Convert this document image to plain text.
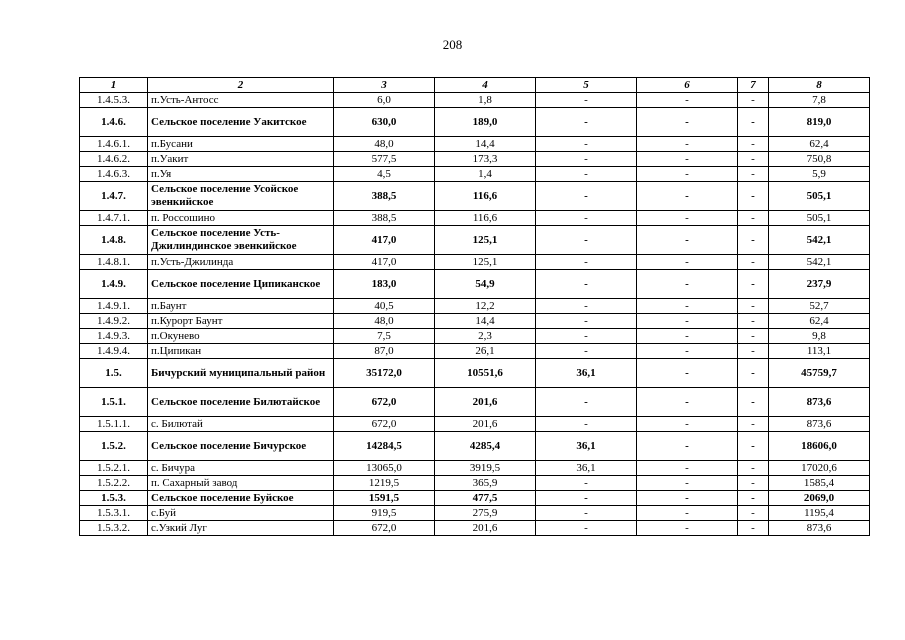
208
1	2	3	4	5	6	7	8
1.4.5.3.	п.Усть-Антосс	6,0	1,8	-	-	-	7,8
1.4.6.	Сельское поселение Уакитское	630,0	189,0	-	-	-	819,0
1.4.6.1.	п.Бусани	48,0	14,4	-	-	-	62,4
1.4.6.2.	п.Уакит	577,5	173,3	-	-	-	750,8
1.4.6.3.	п.Уя	4,5	1,4	-	-	-	5,9
1.4.7.	Сельское поселение Усойское эвенкийское	388,5	116,6	-	-	-	505,1
1.4.7.1.	п. Россошино	388,5	116,6	-	-	-	505,1
1.4.8.	Сельское поселение Усть-Джилиндинское эвенкийское	417,0	125,1	-	-	-	542,1
1.4.8.1.	п.Усть-Джилинда	417,0	125,1	-	-	-	542,1
1.4.9.	Сельское поселение Ципиканское	183,0	54,9	-	-	-	237,9
1.4.9.1.	п.Баунт	40,5	12,2	-	-	-	52,7
1.4.9.2.	п.Курорт Баунт	48,0	14,4	-	-	-	62,4
1.4.9.3.	п.Окунево	7,5	2,3	-	-	-	9,8
1.4.9.4.	п.Ципикан	87,0	26,1	-	-	-	113,1
1.5.	Бичурский муниципальный район	35172,0	10551,6	36,1	-	-	45759,7
1.5.1.	Сельское поселение Билютайское	672,0	201,6	-	-	-	873,6
1.5.1.1.	с. Билютай	672,0	201,6	-	-	-	873,6
1.5.2.	Сельское поселение Бичурское	14284,5	4285,4	36,1	-	-	18606,0
1.5.2.1.	с. Бичура	13065,0	3919,5	36,1	-	-	17020,6
1.5.2.2.	п. Сахарный завод	1219,5	365,9	-	-	-	1585,4
1.5.3.	Сельское поселение Буйское	1591,5	477,5	-	-	-	2069,0
1.5.3.1.	с.Буй	919,5	275,9	-	-	-	1195,4
1.5.3.2.	с.Узкий Луг	672,0	201,6	-	-	-	873,6
